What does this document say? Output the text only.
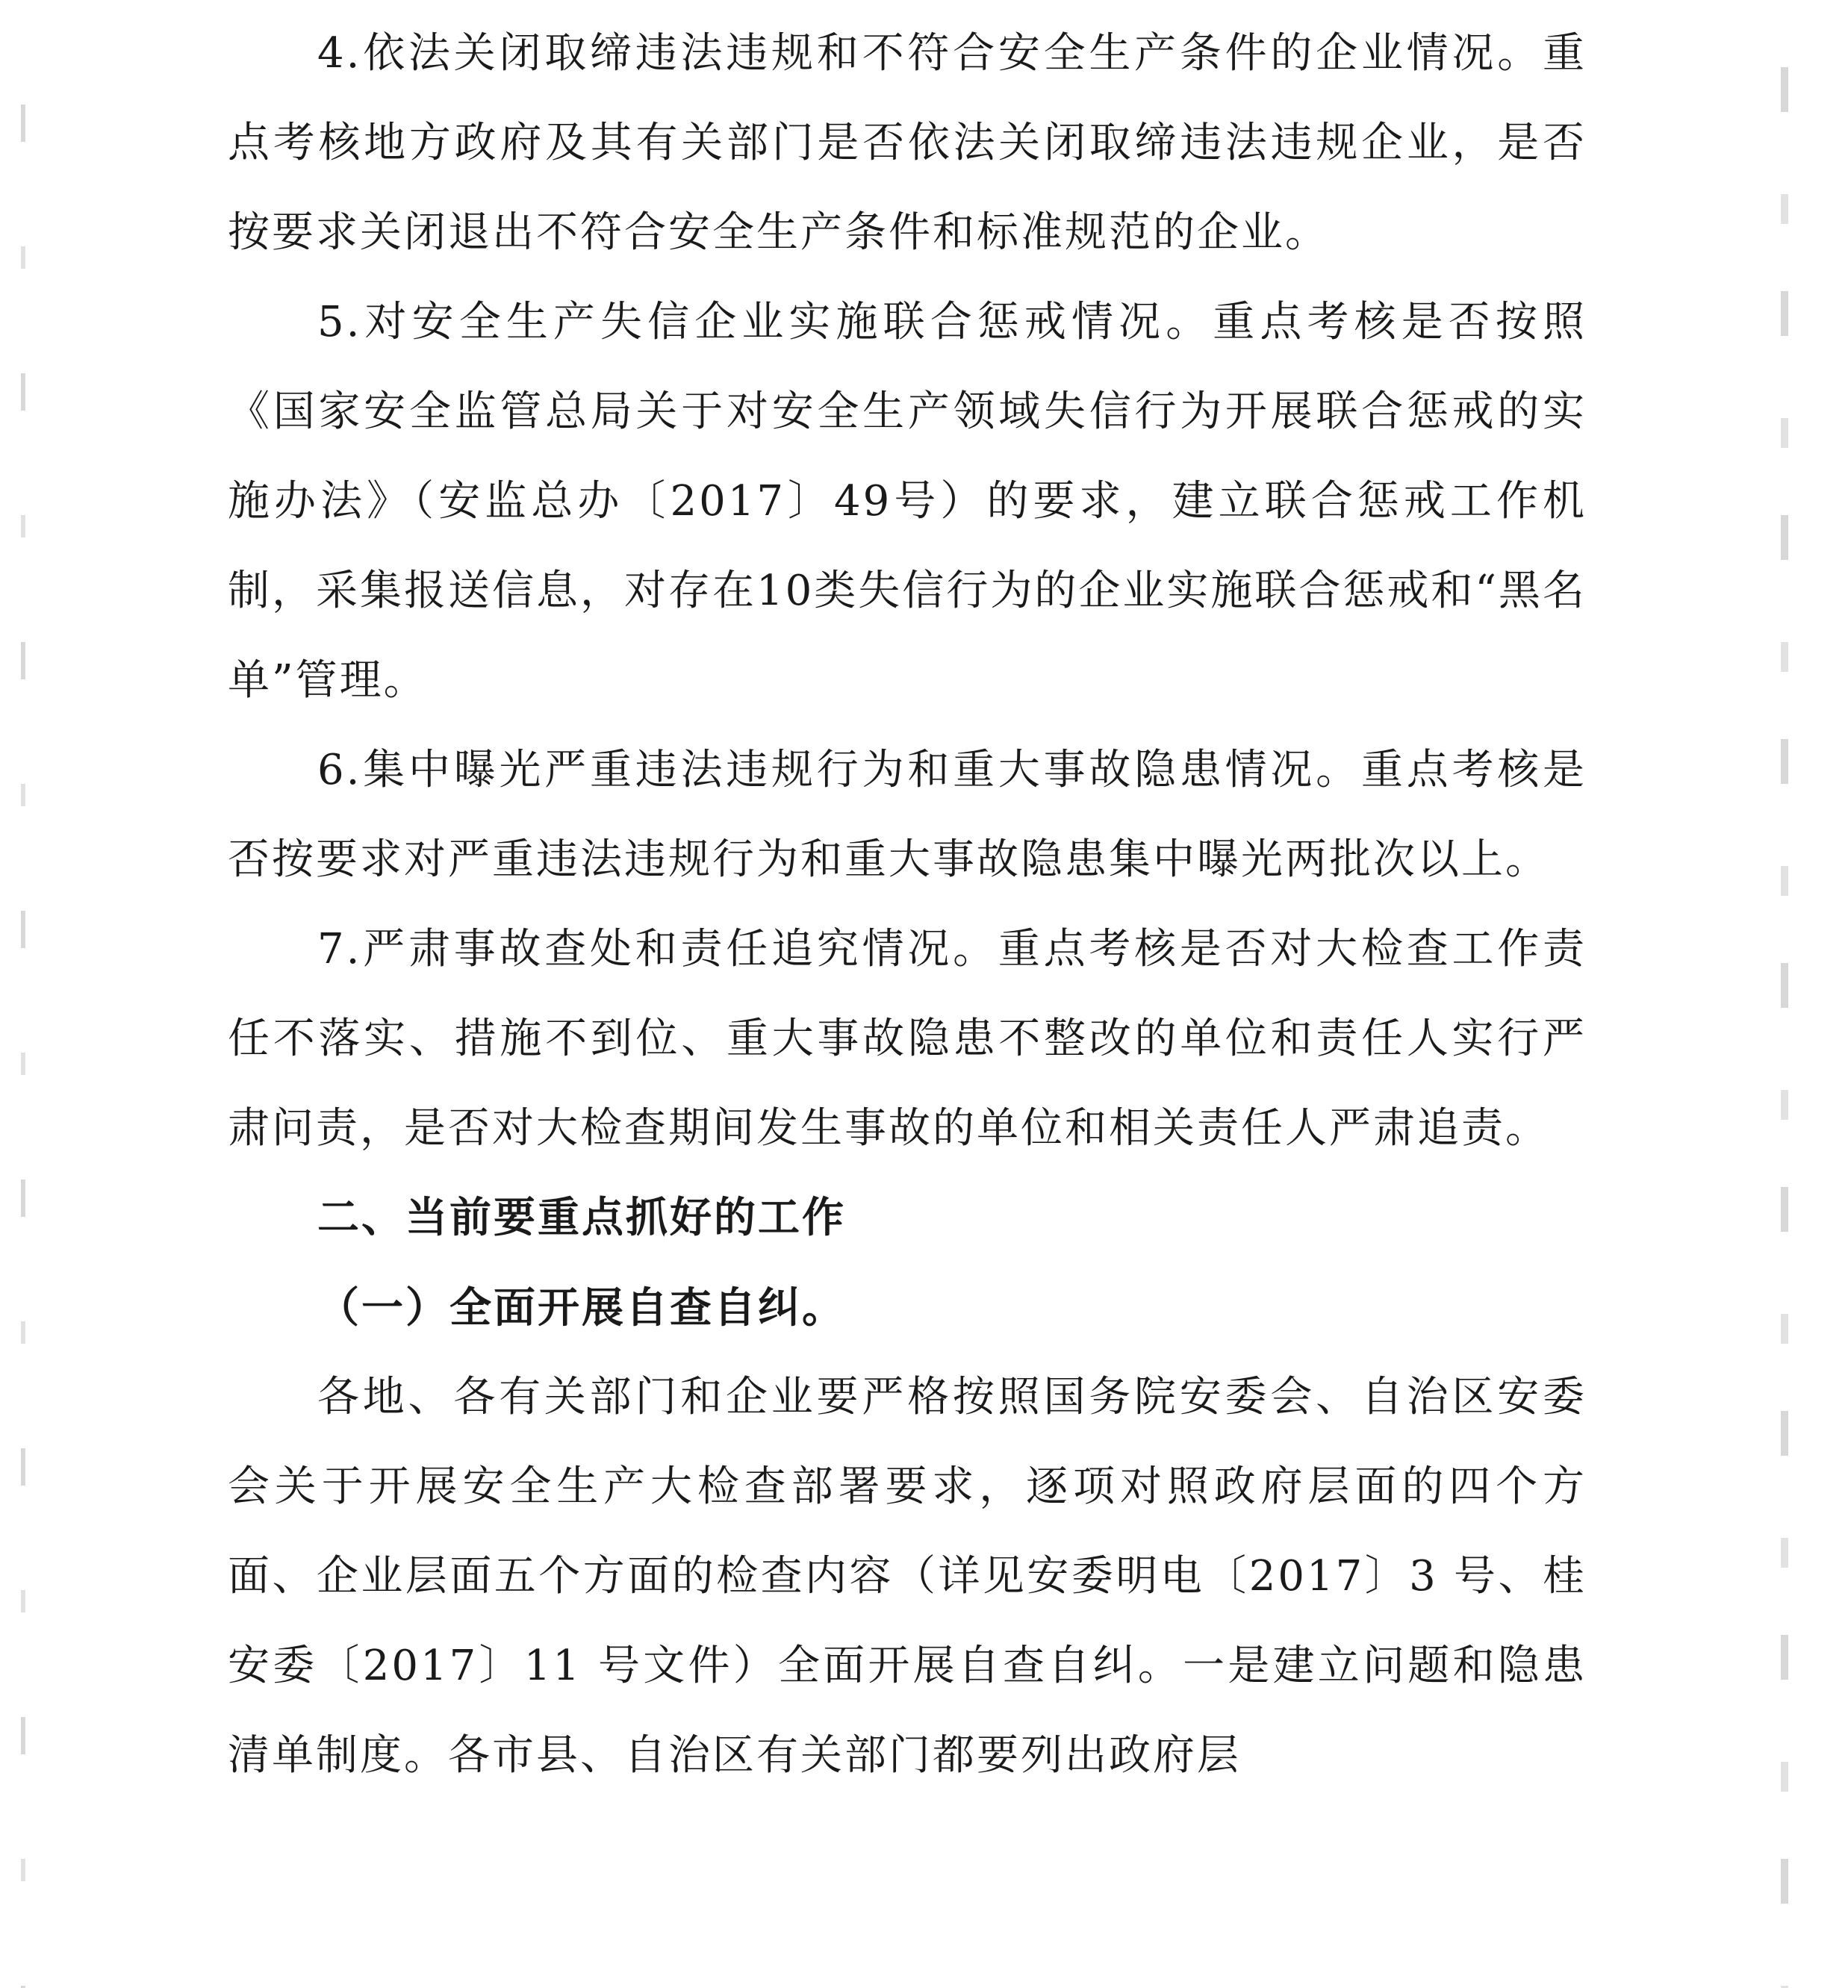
4.依法关闭取缔违法违规和不符合安全生产条件的企业情况。重点考核地方政府及其有关部门是否依法关闭取缔违法违规企业，是否按要求关闭退出不符合安全生产条件和标准规范的企业。

5.对安全生产失信企业实施联合惩戒情况。重点考核是否按照《国家安全监管总局关于对安全生产领域失信行为开展联合惩戒的实施办法》（安监总办〔2017〕49号）的要求，建立联合惩戒工作机制，采集报送信息，对存在10类失信行为的企业实施联合惩戒和“黑名单”管理。

6.集中曝光严重违法违规行为和重大事故隐患情况。重点考核是否按要求对严重违法违规行为和重大事故隐患集中曝光两批次以上。

7.严肃事故查处和责任追究情况。重点考核是否对大检查工作责任不落实、措施不到位、重大事故隐患不整改的单位和责任人实行严肃问责，是否对大检查期间发生事故的单位和相关责任人严肃追责。

二、当前要重点抓好的工作

（一）全面开展自查自纠。

各地、各有关部门和企业要严格按照国务院安委会、自治区安委会关于开展安全生产大检查部署要求，逐项对照政府层面的四个方面、企业层面五个方面的检查内容（详见安委明电〔2017〕3 号、桂安委〔2017〕11 号文件）全面开展自查自纠。一是建立问题和隐患清单制度。各市县、自治区有关部门都要列出政府层
